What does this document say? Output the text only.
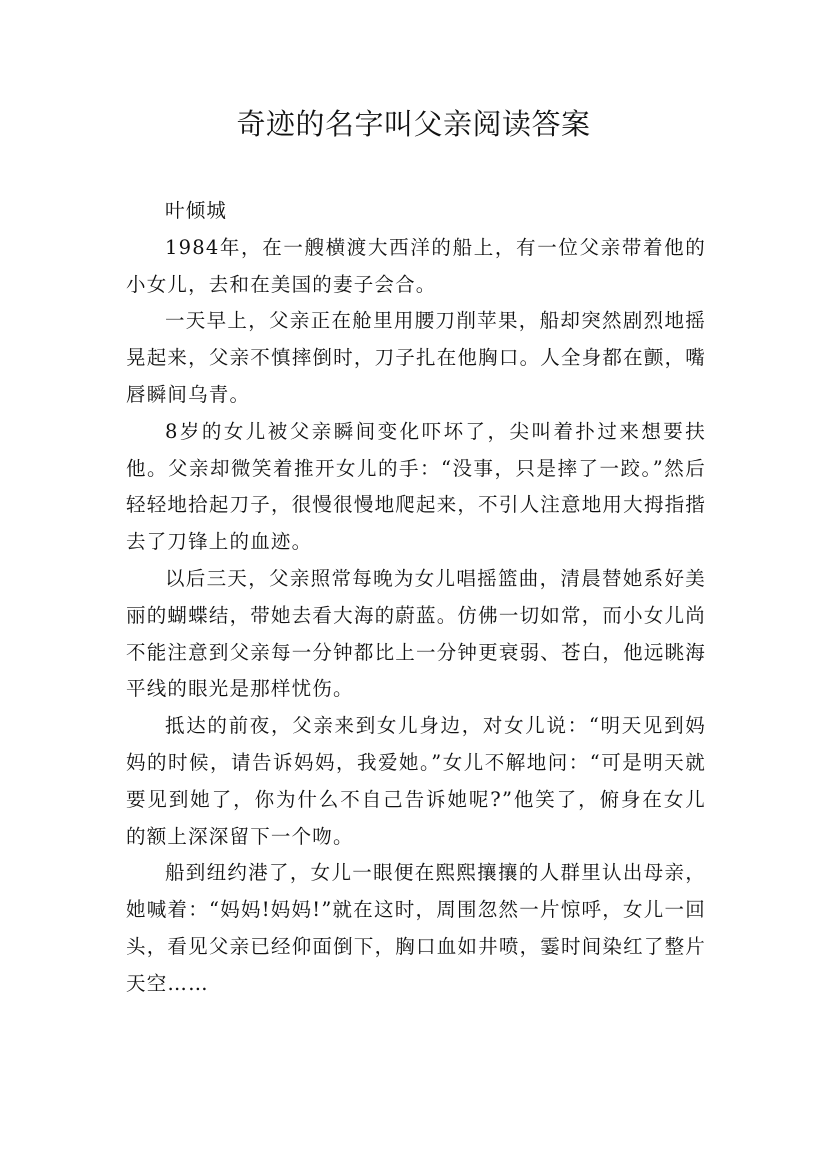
奇迹的名字叫父亲阅读答案

叶倾城

1984年，在一艘横渡大西洋的船上，有一位父亲带着他的小女儿，去和在美国的妻子会合。

一天早上，父亲正在舱里用腰刀削苹果，船却突然剧烈地摇晃起来，父亲不慎摔倒时，刀子扎在他胸口。人全身都在颤，嘴唇瞬间乌青。

8岁的女儿被父亲瞬间变化吓坏了，尖叫着扑过来想要扶他。父亲却微笑着推开女儿的手：“没事，只是摔了一跤。”然后轻轻地拾起刀子，很慢很慢地爬起来，不引人注意地用大拇指揩去了刀锋上的血迹。

以后三天，父亲照常每晚为女儿唱摇篮曲，清晨替她系好美丽的蝴蝶结，带她去看大海的蔚蓝。仿佛一切如常，而小女儿尚不能注意到父亲每一分钟都比上一分钟更衰弱、苍白，他远眺海平线的眼光是那样忧伤。

抵达的前夜，父亲来到女儿身边，对女儿说：“明天见到妈妈的时候，请告诉妈妈，我爱她。”女儿不解地问：“可是明天就要见到她了，你为什么不自己告诉她呢?”他笑了，俯身在女儿的额上深深留下一个吻。

船到纽约港了，女儿一眼便在熙熙攘攘的人群里认出母亲，她喊着：“妈妈!妈妈!”就在这时，周围忽然一片惊呼，女儿一回头，看见父亲已经仰面倒下，胸口血如井喷，霎时间染红了整片天空……
